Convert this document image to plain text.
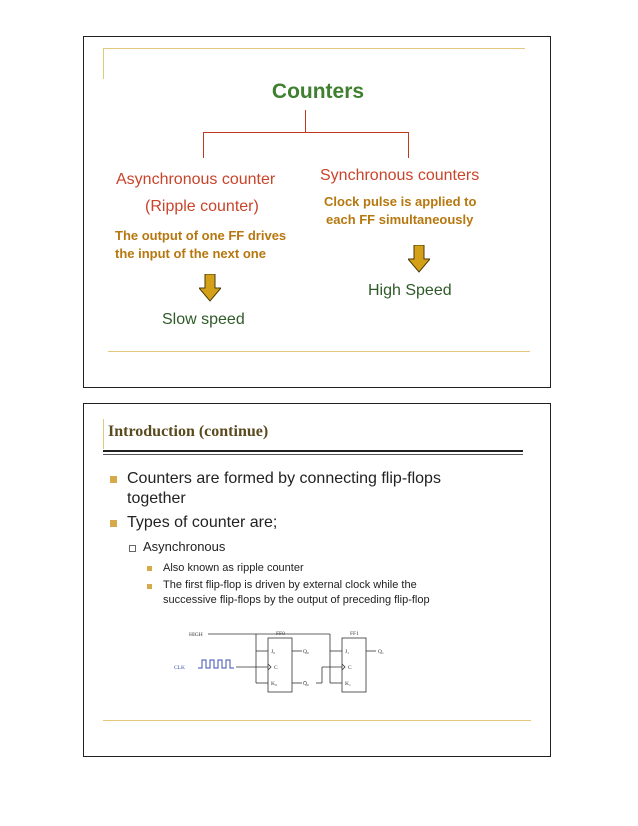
Counters
Asynchronous counter
(Ripple counter)
The output of one FF drives
the input of the next one
Slow speed
Synchronous counters
Clock pulse is applied to
each FF simultaneously
High Speed
Introduction (continue)
Counters are formed by connecting flip-flops
together
Types of counter are;
Asynchronous
Also known as ripple counter
The first flip-flop is driven by external clock while the
successive flip-flops by the output of preceding flip-flop
HIGH
CLK
FF0	FF1
J₀
C
K₀
Q₀
Q̅₀
J₁
C
K₁
Q₁
